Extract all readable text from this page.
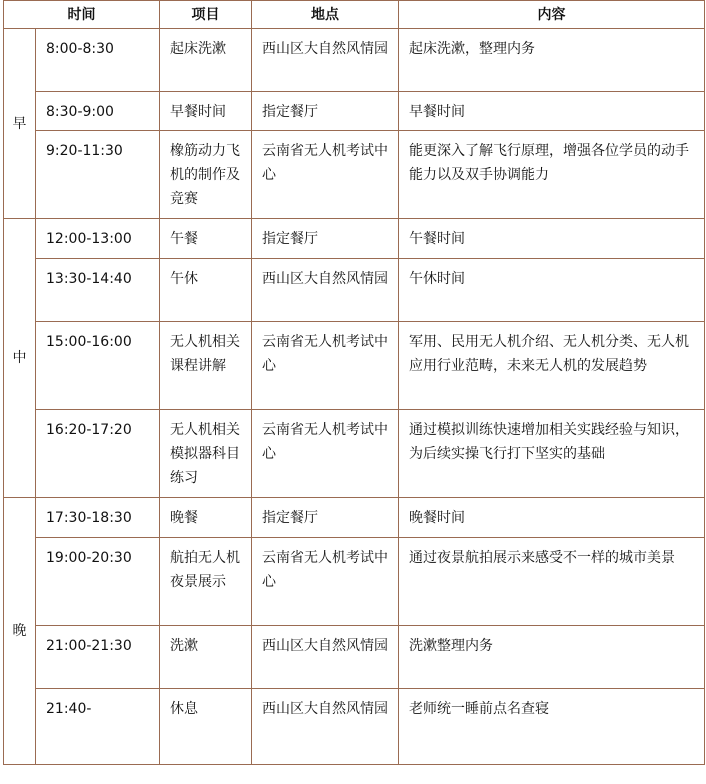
时间		项目	地点	内容
早	8:00-8:30	起床洗漱	西山区大自然风情园	起床洗漱，整理内务
	8:30-9:00	早餐时间	指定餐厅	早餐时间
	9:20-11:30	橡筋动力飞机的制作及竞赛	云南省无人机考试中心	能更深入了解飞行原理，增强各位学员的动手能力以及双手协调能力
中	12:00-13:00	午餐	指定餐厅	午餐时间
	13:30-14:40	午休	西山区大自然风情园	午休时间
	15:00-16:00	无人机相关课程讲解	云南省无人机考试中心	军用、民用无人机介绍、无人机分类、无人机应用行业范畴，未来无人机的发展趋势
	16:20-17:20	无人机相关模拟器科目练习	云南省无人机考试中心	通过模拟训练快速增加相关实践经验与知识，为后续实操飞行打下坚实的基础
晚	17:30-18:30	晚餐	指定餐厅	晚餐时间
	19:00-20:30	航拍无人机夜景展示	云南省无人机考试中心	通过夜景航拍展示来感受不一样的城市美景
	21:00-21:30	洗漱	西山区大自然风情园	洗漱整理内务
	21:40-	休息	西山区大自然风情园	老师统一睡前点名查寝
